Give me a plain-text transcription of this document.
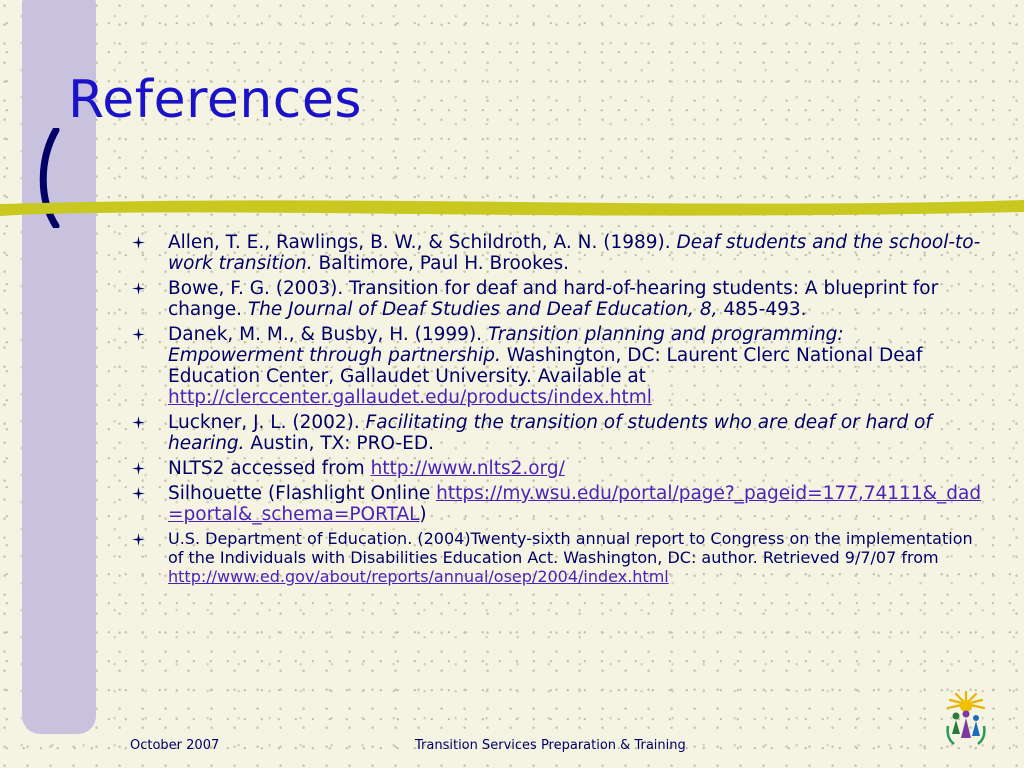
References
Allen, T. E., Rawlings, B. W., & Schildroth, A. N. (1989). Deaf students and the school-to-work transition. Baltimore, Paul H. Brookes.
Bowe, F. G. (2003). Transition for deaf and hard-of-hearing students: A blueprint for change. The Journal of Deaf Studies and Deaf Education, 8, 485-493.
Danek, M. M., & Busby, H. (1999). Transition planning and programming: Empowerment through partnership. Washington, DC: Laurent Clerc National Deaf Education Center, Gallaudet University. Available at http://clerccenter.gallaudet.edu/products/index.html
Luckner, J. L. (2002). Facilitating the transition of students who are deaf or hard of hearing. Austin, TX: PRO-ED.
NLTS2 accessed from http://www.nlts2.org/
Silhouette (Flashlight Online https://my.wsu.edu/portal/page?_pageid=177,74111&_dad=portal&_schema=PORTAL)
U.S. Department of Education. (2004)Twenty-sixth annual report to Congress on the implementation of the Individuals with Disabilities Education Act. Washington, DC: author. Retrieved 9/7/07 from http://www.ed.gov/about/reports/annual/osep/2004/index.html
October 2007	Transition Services Preparation & Training
